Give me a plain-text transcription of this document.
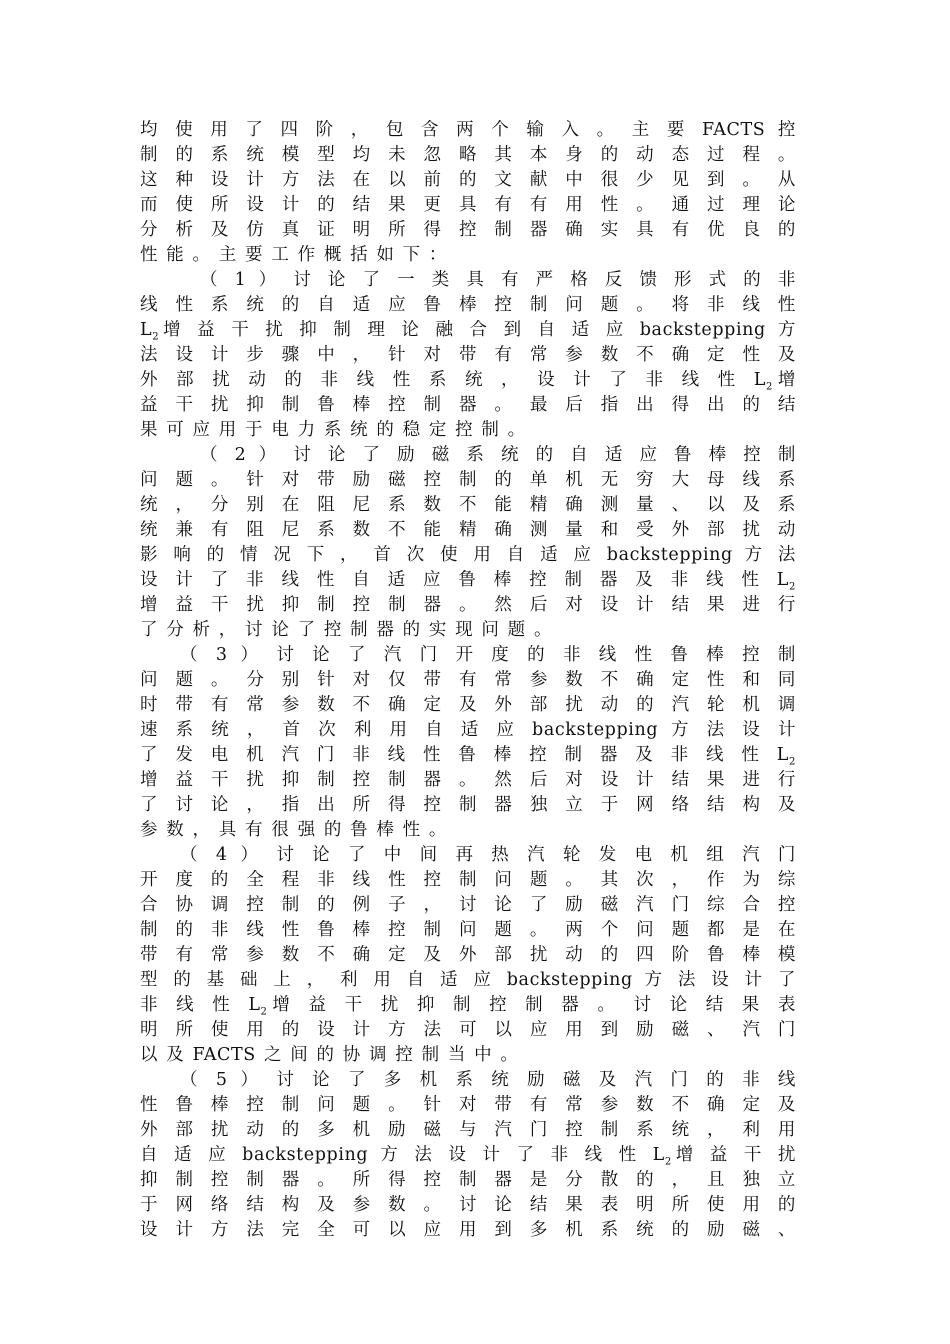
均 使 用 了 四 阶 ， 包 含 两 个 输 入 。 主 要 FACTS 控
制 的 系 统 模 型 均 未 忽 略 其 本 身 的 动 态 过 程 。
这 种 设 计 方 法 在 以 前 的 文 献 中 很 少 见 到 。 从
而 使 所 设 计 的 结 果 更 具 有 有 用 性 。 通 过 理 论
分 析 及 仿 真 证 明 所 得 控 制 器 确 实 具 有 优 良 的
性 能 。 主 要 工 作 概 括 如 下 ：
（ 1 ） 讨 论 了 一 类 具 有 严 格 反 馈 形 式 的 非
线 性 系 统 的 自 适 应 鲁 棒 控 制 问 题 。 将 非 线 性
$L_2$增 益 干 扰 抑 制 理 论 融 合 到 自 适 应 backstepping 方
法 设 计 步 骤 中 ， 针 对 带 有 常 参 数 不 确 定 性 及
外 部 扰 动 的 非 线 性 系 统 ， 设 计 了 非 线 性 $L_2$增
益 干 扰 抑 制 鲁 棒 控 制 器 。 最 后 指 出 得 出 的 结
果 可 应 用 于 电 力 系 统 的 稳 定 控 制 。
（ 2 ） 讨 论 了 励 磁 系 统 的 自 适 应 鲁 棒 控 制
问 题 。 针 对 带 励 磁 控 制 的 单 机 无 穷 大 母 线 系
统 ， 分 别 在 阻 尼 系 数 不 能 精 确 测 量 、 以 及 系
统 兼 有 阻 尼 系 数 不 能 精 确 测 量 和 受 外 部 扰 动
影 响 的 情 况 下 ， 首 次 使 用 自 适 应 backstepping 方 法
设 计 了 非 线 性 自 适 应 鲁 棒 控 制 器 及 非 线 性 $L_2$
增 益 干 扰 抑 制 控 制 器 。 然 后 对 设 计 结 果 进 行
了 分 析 ， 讨 论 了 控 制 器 的 实 现 问 题 。
（ 3 ） 讨 论 了 汽 门 开 度 的 非 线 性 鲁 棒 控 制
问 题 。 分 别 针 对 仅 带 有 常 参 数 不 确 定 性 和 同
时 带 有 常 参 数 不 确 定 及 外 部 扰 动 的 汽 轮 机 调
速 系 统 ， 首 次 利 用 自 适 应 backstepping 方 法 设 计
了 发 电 机 汽 门 非 线 性 鲁 棒 控 制 器 及 非 线 性 $L_2$
增 益 干 扰 抑 制 控 制 器 。 然 后 对 设 计 结 果 进 行
了 讨 论 ， 指 出 所 得 控 制 器 独 立 于 网 络 结 构 及
参 数 ， 具 有 很 强 的 鲁 棒 性 。
（ 4 ） 讨 论 了 中 间 再 热 汽 轮 发 电 机 组 汽 门
开 度 的 全 程 非 线 性 控 制 问 题 。 其 次 ， 作 为 综
合 协 调 控 制 的 例 子 ， 讨 论 了 励 磁 汽 门 综 合 控
制 的 非 线 性 鲁 棒 控 制 问 题 。 两 个 问 题 都 是 在
带 有 常 参 数 不 确 定 及 外 部 扰 动 的 四 阶 鲁 棒 模
型 的 基 础 上 ， 利 用 自 适 应 backstepping 方 法 设 计 了
非 线 性 $L_2$增 益 干 扰 抑 制 控 制 器 。 讨 论 结 果 表
明 所 使 用 的 设 计 方 法 可 以 应 用 到 励 磁 、 汽 门
以 及 FACTS 之 间 的 协 调 控 制 当 中 。
（ 5 ） 讨 论 了 多 机 系 统 励 磁 及 汽 门 的 非 线
性 鲁 棒 控 制 问 题 。 针 对 带 有 常 参 数 不 确 定 及
外 部 扰 动 的 多 机 励 磁 与 汽 门 控 制 系 统 ， 利 用
自 适 应 backstepping 方 法 设 计 了 非 线 性 $L_2$增 益 干 扰
抑 制 控 制 器 。 所 得 控 制 器 是 分 散 的 ， 且 独 立
于 网 络 结 构 及 参 数 。 讨 论 结 果 表 明 所 使 用 的
设 计 方 法 完 全 可 以 应 用 到 多 机 系 统 的 励 磁 、
